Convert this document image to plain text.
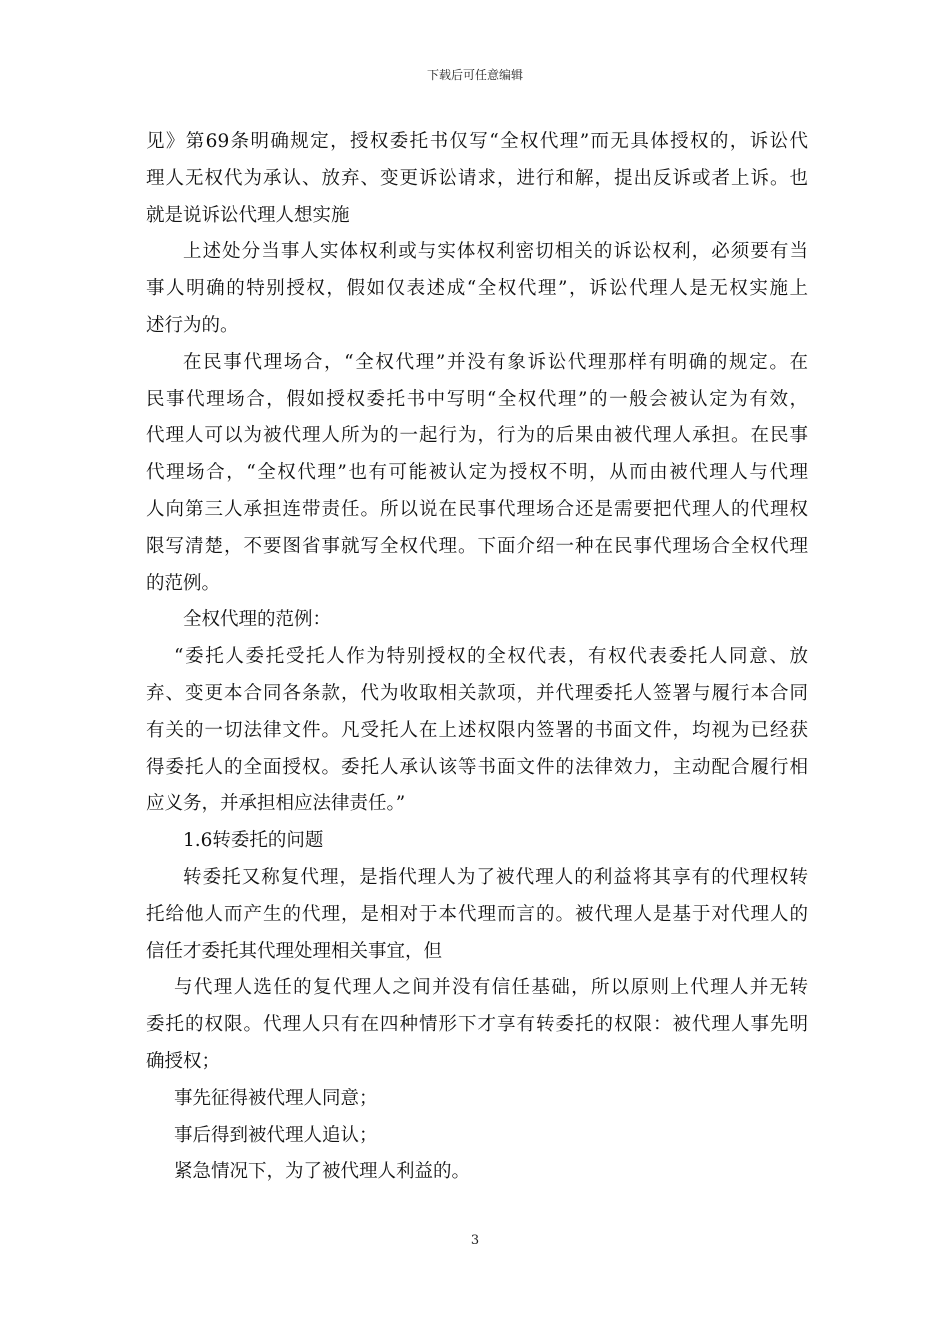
下载后可任意编辑
见》第69条明确规定，授权委托书仅写“全权代理”而无具体授权的，诉讼代
理人无权代为承认、放弃、变更诉讼请求，进行和解，提出反诉或者上诉。也
就是说诉讼代理人想实施
上述处分当事人实体权利或与实体权利密切相关的诉讼权利，必须要有当
事人明确的特别授权，假如仅表述成“全权代理”，诉讼代理人是无权实施上
述行为的。
在民事代理场合，“全权代理”并没有象诉讼代理那样有明确的规定。在
民事代理场合，假如授权委托书中写明“全权代理”的一般会被认定为有效，
代理人可以为被代理人所为的一起行为，行为的后果由被代理人承担。在民事
代理场合，“全权代理”也有可能被认定为授权不明，从而由被代理人与代理
人向第三人承担连带责任。所以说在民事代理场合还是需要把代理人的代理权
限写清楚，不要图省事就写全权代理。下面介绍一种在民事代理场合全权代理
的范例。
全权代理的范例：
“委托人委托受托人作为特别授权的全权代表，有权代表委托人同意、放
弃、变更本合同各条款，代为收取相关款项，并代理委托人签署与履行本合同
有关的一切法律文件。凡受托人在上述权限内签署的书面文件，均视为已经获
得委托人的全面授权。委托人承认该等书面文件的法律效力，主动配合履行相
应义务，并承担相应法律责任。”
1.6转委托的问题
转委托又称复代理，是指代理人为了被代理人的利益将其享有的代理权转
托给他人而产生的代理，是相对于本代理而言的。被代理人是基于对代理人的
信任才委托其代理处理相关事宜，但
与代理人选任的复代理人之间并没有信任基础，所以原则上代理人并无转
委托的权限。代理人只有在四种情形下才享有转委托的权限：被代理人事先明
确授权；
事先征得被代理人同意；
事后得到被代理人追认；
紧急情况下，为了被代理人利益的。
3
